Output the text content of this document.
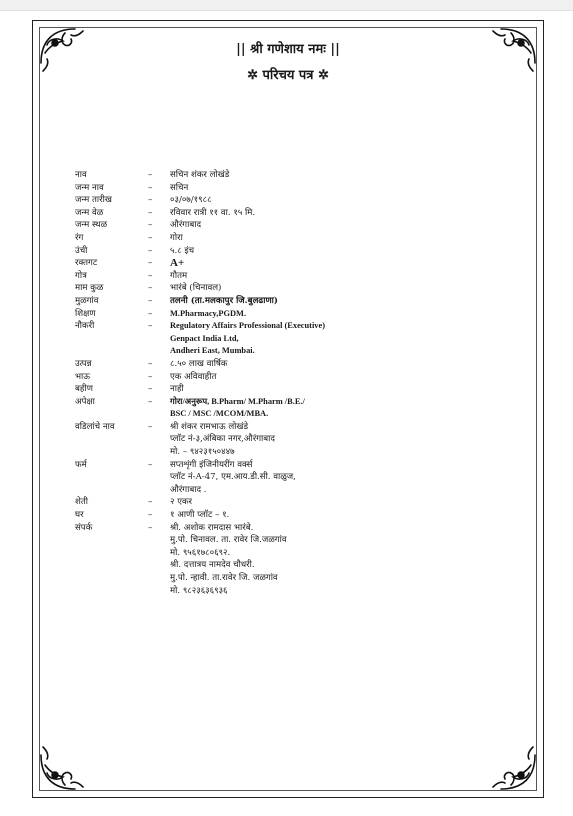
|| श्री गणेशाय नमः ||
✲ परिचय पत्र ✲
नाव	–	सचिन शंकर लोखंडे
जन्म नाव	–	सचिन
जन्म तारीख	–	०३/०७/१९८८
जन्म वेळ	–	रविवार रात्री ११ वा. १५ मि.
जन्म स्थळ	–	औरंगाबाद
रंग	–	गोरा
उंची	–	५.८ इंच
रक्तगट	–	A+
गोत्र	–	गौतम
माम कुळ	–	भारंबे (चिनावल)
मुळगांव	–	तलनी (ता.मलकापुर जि.बुलढाणा)
शिक्षण	–	M.Pharmacy,PGDM.
नौकरी	–	Regulatory Affairs Professional (Executive)
Genpact India Ltd,
Andheri East, Mumbai.
उत्पन्न	–	८.५० लाख वार्षिक
भाऊ	–	एक अविवाहीत
बहीण	–	नाही
अपेक्षा	–	गोरा/अनुरूप, B.Pharm/ M.Pharm /B.E./
BSC / MSC /MCOM/MBA.
वडिलांचे नाव	–	श्री शंकर रामभाऊ लोखंडे
प्लॉट नं-३,अंबिका नगर,औरंगाबाद
मो. – ९४२३१५०४४७
फर्म	–	सप्तशृंगी इंजिनीयरींग वर्क्स
प्लॉट नं-A-47, एम.आय.डी.सी. वाळुज,
औरंगाबाद .
शेती	–	२ एकर
घर	–	१ आणी प्लॉट – १.
संपर्क	–	श्री. अशोक रामदास भारंबे.
मु.पो. चिनावल. ता. रावेर जि.जळगांव
मो. ९५६१७८०६९२.
श्री. दत्तात्रय नामदेव चौधरी.
मु.पो. न्हावी. ता.रावेर जि. जळगांव
मो. ९८२३६३६९३६
